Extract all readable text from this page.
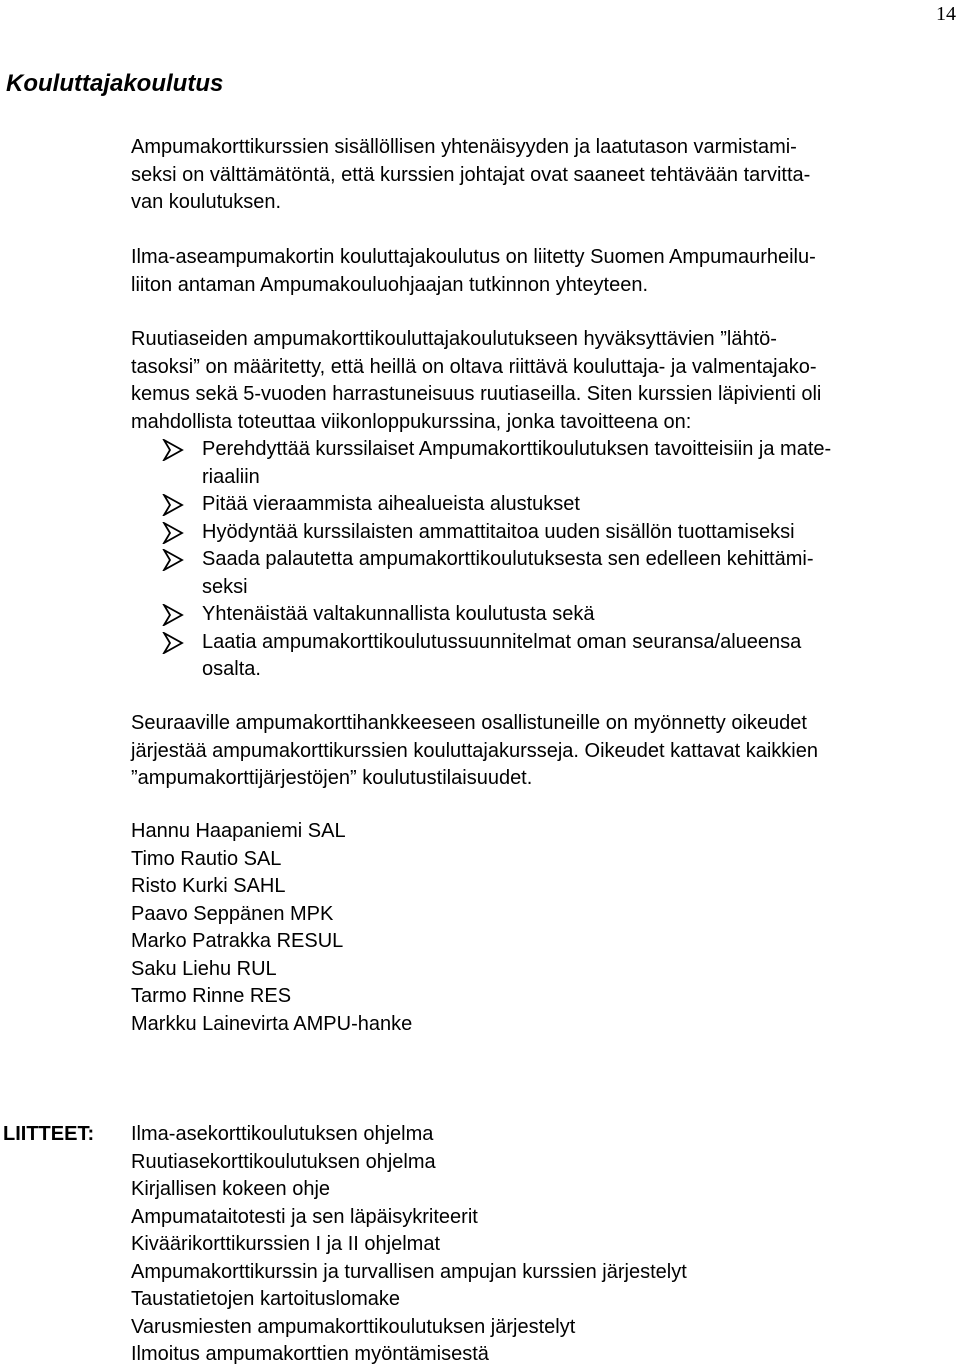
14
Kouluttajakoulutus
Ampumakorttikurssien sisällöllisen yhtenäisyyden ja laatutason varmistami-
seksi on välttämätöntä, että kurssien johtajat ovat saaneet tehtävään tarvitta-
van koulutuksen.
Ilma-aseampumakortin kouluttajakoulutus on liitetty Suomen Ampumaurheilu-
liiton antaman Ampumakouluohjaajan tutkinnon yhteyteen.
Ruutiaseiden ampumakorttikouluttajakoulutukseen hyväksyttävien ”lähtö-
tasoksi” on määritetty, että heillä on oltava riittävä kouluttaja- ja valmentajako-
kemus sekä 5-vuoden harrastuneisuus ruutiaseilla. Siten kurssien läpivienti oli
mahdollista toteuttaa viikonloppukurssina, jonka tavoitteena on:
Perehdyttää kurssilaiset Ampumakorttikoulutuksen tavoitteisiin ja mate-
riaaliin
Pitää vieraammista aihealueista alustukset
Hyödyntää kurssilaisten ammattitaitoa uuden sisällön tuottamiseksi
Saada palautetta ampumakorttikoulutuksesta sen edelleen kehittämi-
seksi
Yhtenäistää valtakunnallista koulutusta sekä
Laatia ampumakorttikoulutussuunnitelmat oman seuransa/alueensa
osalta.
Seuraaville ampumakorttihankkeeseen osallistuneille on myönnetty oikeudet
järjestää ampumakorttikurssien kouluttajakursseja. Oikeudet kattavat kaikkien
”ampumakorttijärjestöjen” koulutustilaisuudet.
Hannu Haapaniemi SAL
Timo Rautio SAL
Risto Kurki SAHL
Paavo Seppänen MPK
Marko Patrakka RESUL
Saku Liehu RUL
Tarmo Rinne RES
Markku Lainevirta AMPU-hanke
LIITTEET: Ilma-asekorttikoulutuksen ohjelma
Ruutiasekorttikoulutuksen ohjelma
Kirjallisen kokeen ohje
Ampumataitotesti ja sen läpäisykriteerit
Kiväärikorttikurssien I ja II ohjelmat
Ampumakorttikurssin ja turvallisen ampujan kurssien järjestelyt
Taustatietojen kartoituslomake
Varusmiesten ampumakorttikoulutuksen järjestelyt
Ilmoitus ampumakorttien myöntämisestä
